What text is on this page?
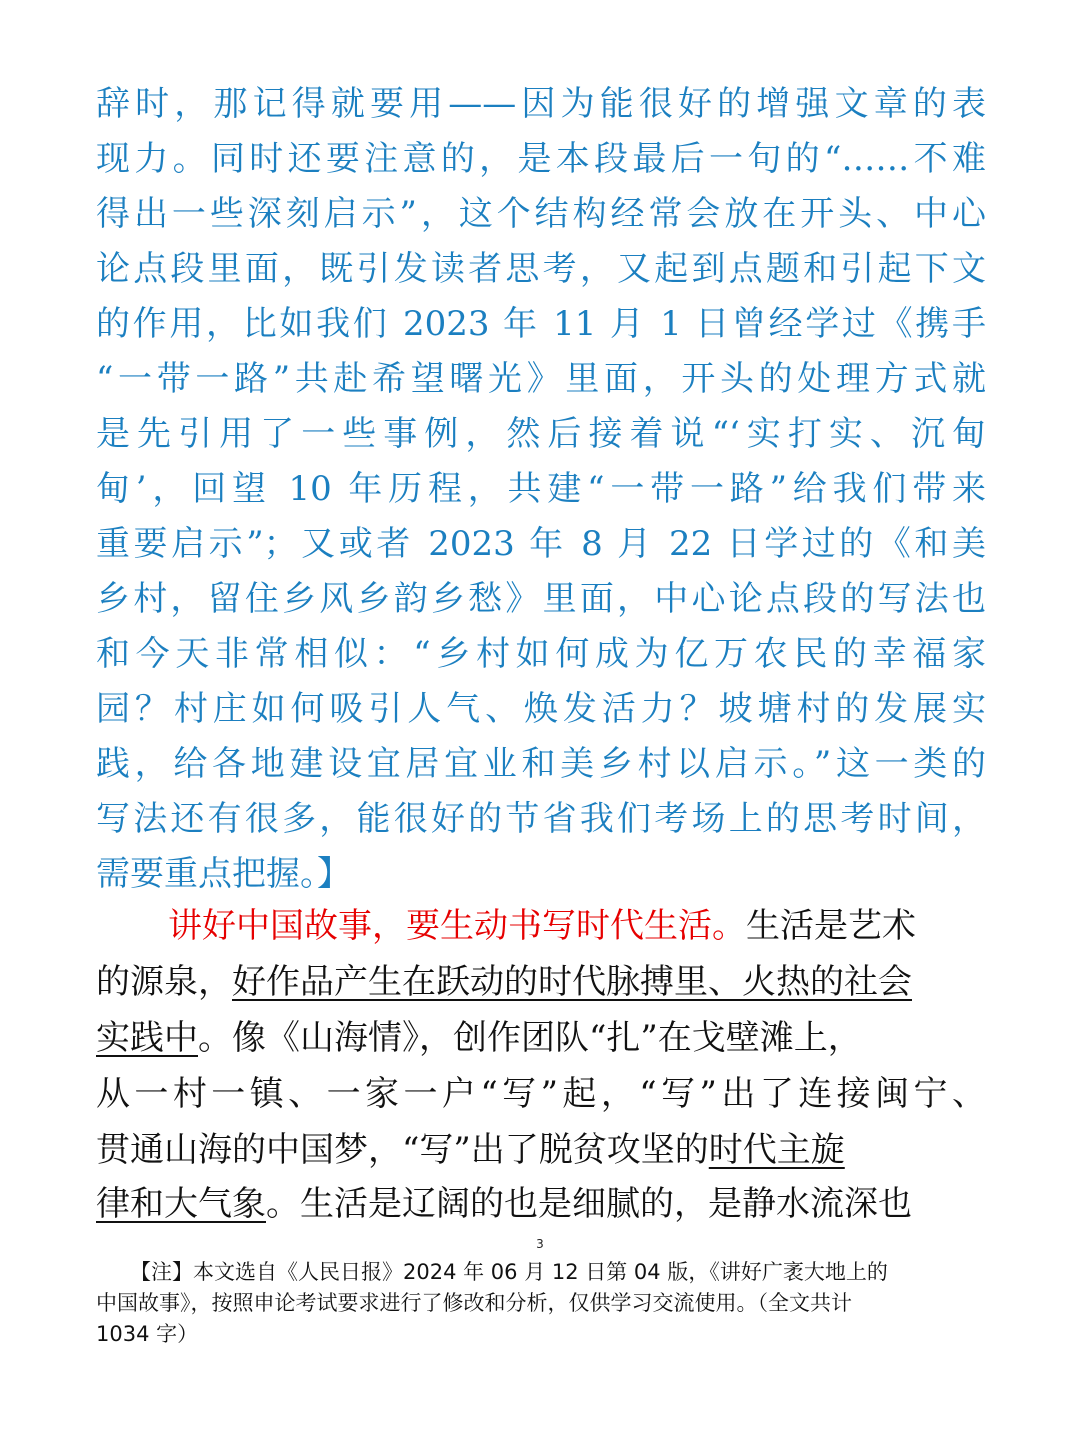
辞时，那记得就要用——因为能很好的增强文章的表
现力。同时还要注意的，是本段最后一句的“……不难
得出一些深刻启示”，这个结构经常会放在开头、中心
论点段里面，既引发读者思考，又起到点题和引起下文
的作用，比如我们 2023 年 11 月 1 日曾经学过《携手
“一带一路”共赴希望曙光》里面，开头的处理方式就
是先引用了一些事例，然后接着说“‘实打实、沉甸
甸’，回望 10 年历程，共建“一带一路”给我们带来
重要启示”；又或者 2023 年 8 月 22 日学过的《和美
乡村，留住乡风乡韵乡愁》里面，中心论点段的写法也
和今天非常相似：“乡村如何成为亿万农民的幸福家
园？村庄如何吸引人气、焕发活力？坡塘村的发展实
践，给各地建设宜居宜业和美乡村以启示。”这一类的
写法还有很多，能很好的节省我们考场上的思考时间，
需要重点把握。】
讲好中国故事，要生动书写时代生活。生活是艺术
的源泉，好作品产生在跃动的时代脉搏里、火热的社会
实践中。像《山海情》，创作团队“扎”在戈壁滩上，
从一村一镇、一家一户“写”起，“写”出了连接闽宁、
贯通山海的中国梦，“写”出了脱贫攻坚的时代主旋
律和大气象。生活是辽阔的也是细腻的，是静水流深也
3
【注】本文选自《人民日报》2024 年 06 月 12 日第 04 版，《讲好广袤大地上的
中国故事》，按照申论考试要求进行了修改和分析，仅供学习交流使用。（全文共计
1034 字）
